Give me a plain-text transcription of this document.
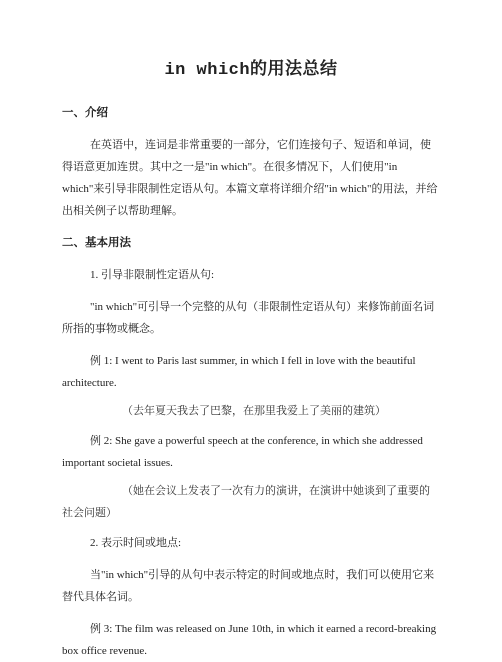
in which的用法总结
一、介绍
在英语中，连词是非常重要的一部分，它们连接句子、短语和单词，使得语意更加连贯。其中之一是"in which"。在很多情况下，人们使用"in which"来引导非限制性定语从句。本篇文章将详细介绍"in which"的用法，并给出相关例子以帮助理解。
二、基本用法
1. 引导非限制性定语从句:
"in which"可引导一个完整的从句（非限制性定语从句）来修饰前面名词所指的事物或概念。
例 1: I went to Paris last summer, in which I fell in love with the beautiful architecture.
（去年夏天我去了巴黎，在那里我爱上了美丽的建筑）
例 2: She gave a powerful speech at the conference, in which she addressed important societal issues.
（她在会议上发表了一次有力的演讲，在演讲中她谈到了重要的社会问题）
2. 表示时间或地点:
当"in which"引导的从句中表示特定的时间或地点时，我们可以使用它来替代具体名词。
例 3: The film was released on June 10th, in which it earned a record-breaking box office revenue.
